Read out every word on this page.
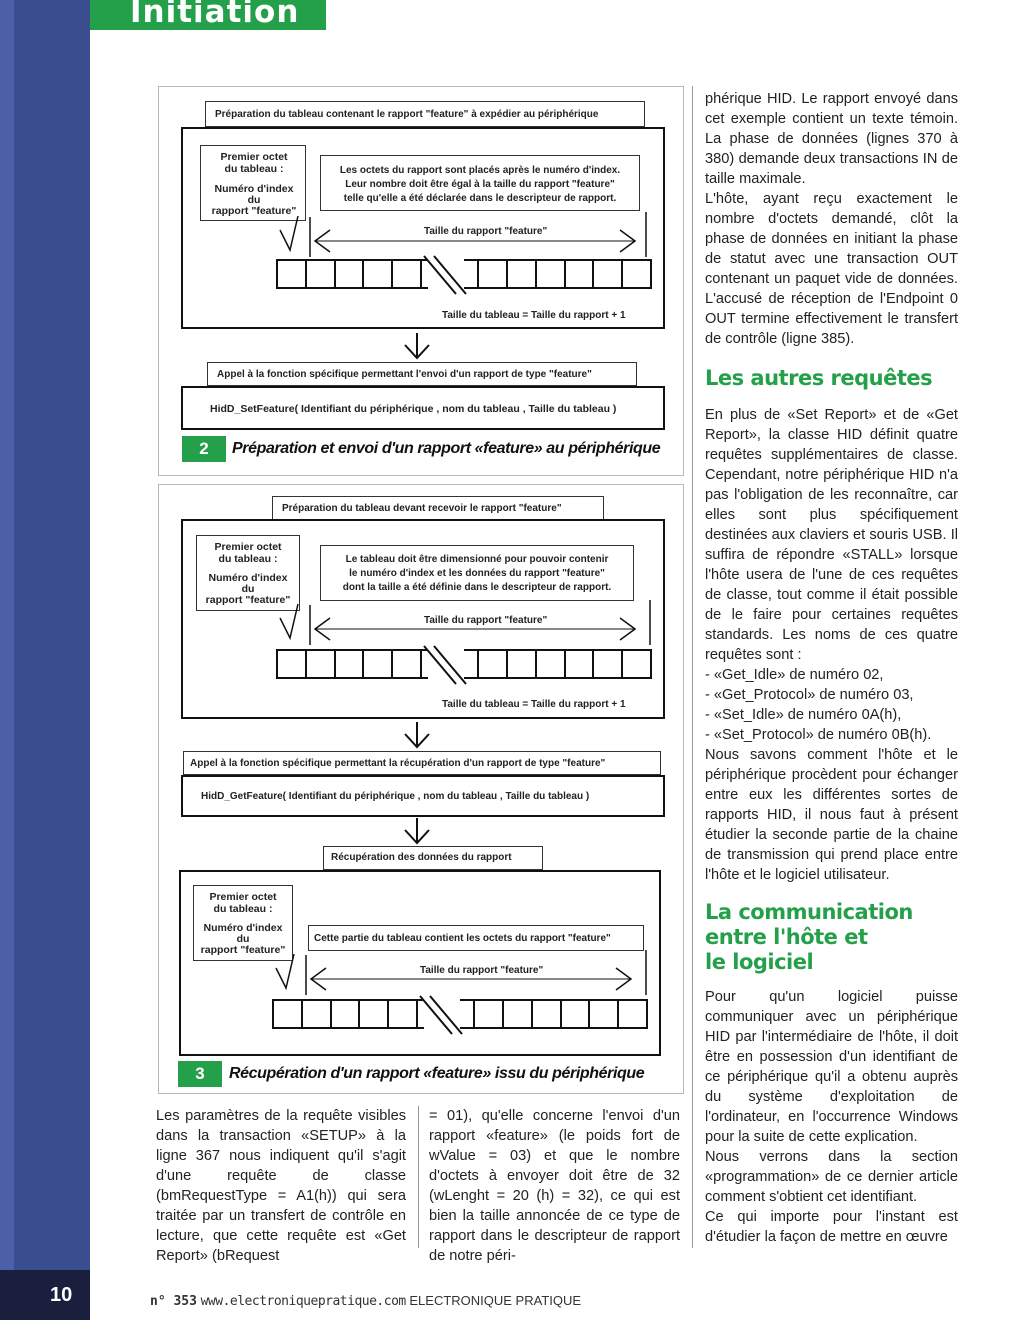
Initiation
10	n° 353 www.electroniquepratique.com ELECTRONIQUE PRATIQUE
Préparation du tableau contenant le rapport "feature" à expédier au périphérique
Premier octet
du tableau :
Numéro d'index
du
rapport "feature"
Les octets du rapport sont placés après le numéro d'index.
Leur nombre doit être égal à la taille du rapport "feature"
telle qu'elle a été déclarée dans le descripteur de rapport.
Taille du rapport "feature"
Taille du tableau = Taille du rapport + 1
Appel à la fonction spécifique permettant l'envoi d'un rapport de type "feature"
HidD_SetFeature( Identifiant du périphérique , nom du tableau , Taille du tableau )
2	Préparation et envoi d'un rapport «feature» au périphérique
Préparation du tableau devant recevoir le rapport "feature"
Premier octet
du tableau :
Numéro d'index
du
rapport "feature"
Le tableau doit être dimensionné pour pouvoir contenir
le numéro d'index et les données du rapport "feature"
dont la taille a été définie dans le descripteur de rapport.
Taille du rapport "feature"
Taille du tableau = Taille du rapport + 1
Appel à la fonction spécifique permettant la récupération d'un rapport de type "feature"
HidD_GetFeature( Identifiant du périphérique , nom du tableau , Taille du tableau )
Récupération des données du rapport
Premier octet
du tableau :
Numéro d'index
du
rapport "feature"
Cette partie du tableau contient les octets du rapport "feature"
Taille du rapport "feature"
3	Récupération d'un rapport «feature» issu du périphérique

Les paramètres de la requête visibles dans la transaction «SETUP» à la ligne 367 nous indiquent qu'il s'agit d'une requête de classe (bmRequestType = A1(h)) qui sera traitée par un transfert de contrôle en lecture, que cette requête est «Get Report» (bRequest

= 01), qu'elle concerne l'envoi d'un rapport «feature» (le poids fort de wValue = 03) et que le nombre d'octets à envoyer doit être de 32 (wLenght = 20 (h) = 32), ce qui est bien la taille annoncée de ce type de rapport dans le descripteur de rapport de notre péri-

phérique HID. Le rapport envoyé dans cet exemple contient un texte témoin. La phase de données (lignes 370 à 380) demande deux transactions IN de taille maximale.

L'hôte, ayant reçu exactement le nombre d'octets demandé, clôt la phase de données en initiant la phase de statut avec une transaction OUT contenant un paquet vide de données. L'accusé de réception de l'Endpoint 0 OUT termine effectivement le transfert de contrôle (ligne 385).

Les autres requêtes

En plus de «Set Report» et de «Get Report», la classe HID définit quatre requêtes supplémentaires de classe. Cependant, notre périphérique HID n'a pas l'obligation de les reconnaître, car elles sont plus spécifiquement destinées aux claviers et souris USB. Il suffira de répondre «STALL» lorsque l'hôte usera de l'une de ces requêtes de classe, tout comme il était possible de le faire pour certaines requêtes standards. Les noms de ces quatre requêtes sont :

- «Get_Idle» de numéro 02,
- «Get_Protocol» de numéro 03,
- «Set_Idle» de numéro 0A(h),
- «Set_Protocol» de numéro 0B(h).

Nous savons comment l'hôte et le périphérique procèdent pour échanger entre eux les différentes sortes de rapports HID, il nous faut à présent étudier la seconde partie de la chaine de transmission qui prend place entre l'hôte et le logiciel utilisateur.

La communication
entre l'hôte et
le logiciel

Pour qu'un logiciel puisse communiquer avec un périphérique HID par l'intermédiaire de l'hôte, il doit être en possession d'un identifiant de ce périphérique qu'il a obtenu auprès du système d'exploitation de l'ordinateur, en l'occurrence Windows pour la suite de cette explication.

Nous verrons dans la section «programmation» de ce dernier article comment s'obtient cet identifiant.

Ce qui importe pour l'instant est d'étudier la façon de mettre en œuvre
